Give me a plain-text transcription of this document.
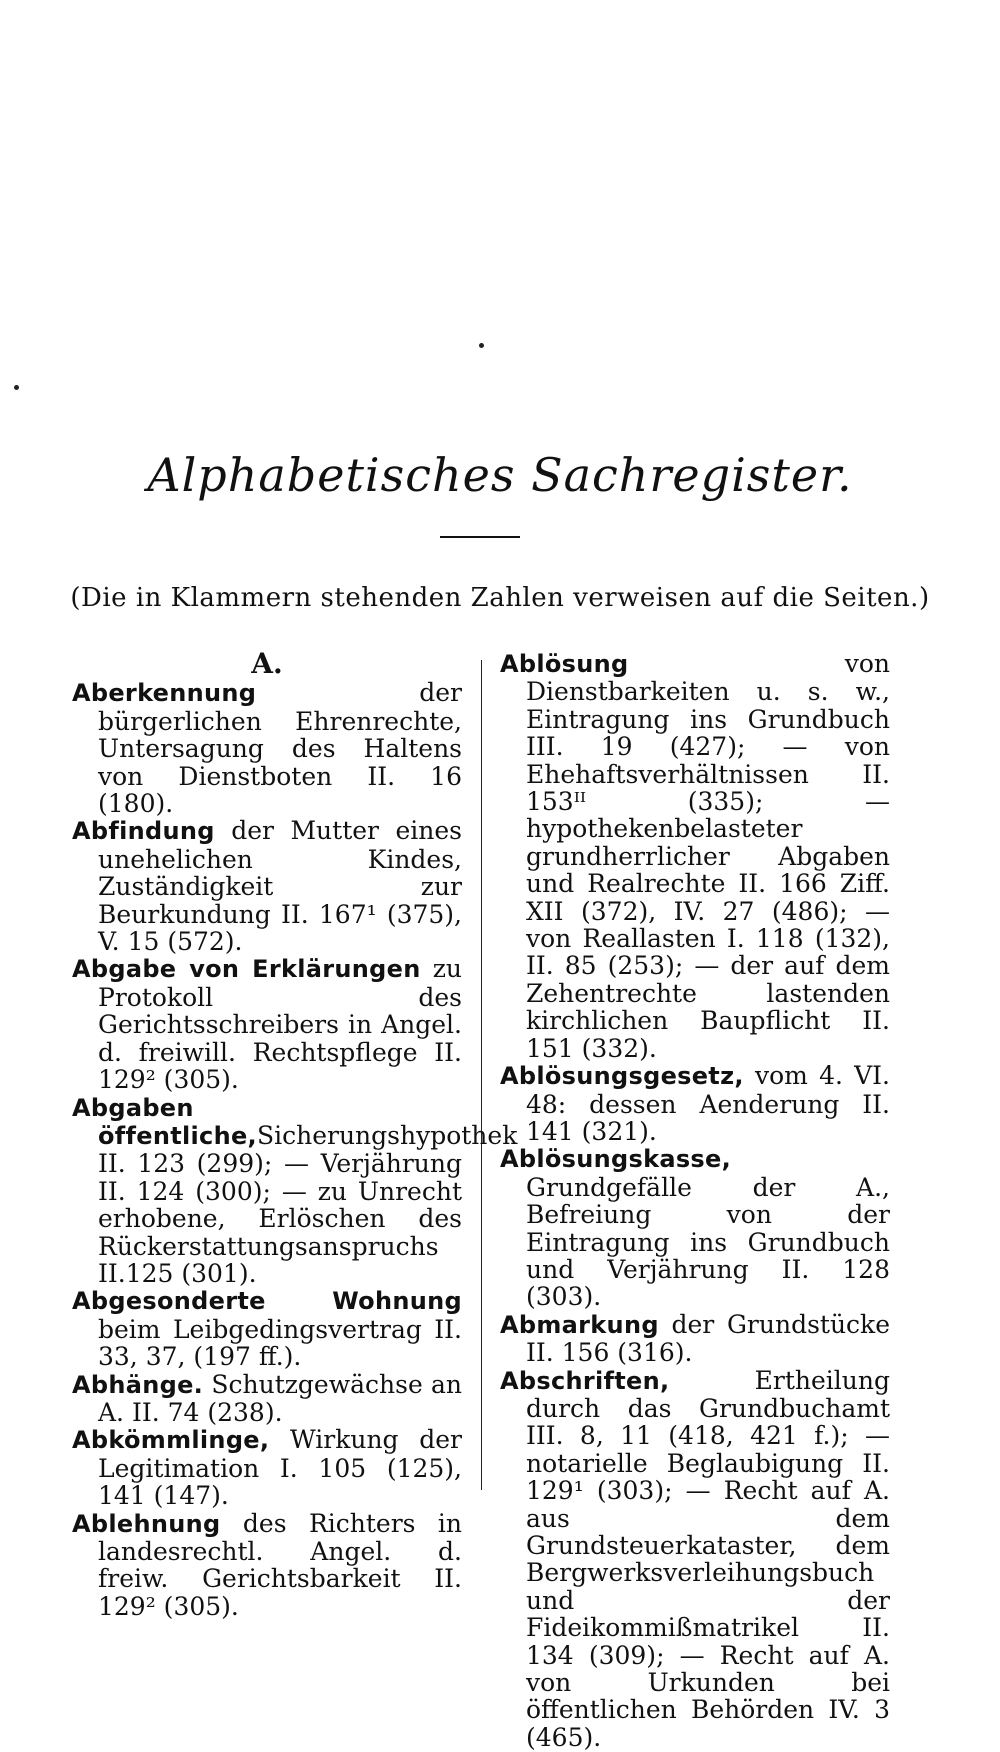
Alphabetisches Sachregister.
(Die in Klammern stehenden Zahlen verweisen auf die Seiten.)
A.
Aberkennung der bürgerlichen Ehrenrechte, Untersagung des Haltens von Dienstboten II. 16 (180).
Abfindung der Mutter eines unehelichen Kindes, Zuständigkeit zur Beurkundung II. 167¹ (375), V. 15 (572).
Abgabe von Erklärungen zu Protokoll des Gerichtsschreibers in Angel. d. freiwill. Rechtspflege II. 129² (305).
Abgaben öffentliche,Sicherungshypothek II. 123 (299); — Verjährung II. 124 (300); — zu Unrecht erhobene, Erlöschen des Rückerstattungsanspruchs II.125 (301).
Abgesonderte Wohnung beim Leibgedingsvertrag II. 33, 37, (197 ff.).
Abhänge. Schutzgewächse an A. II. 74 (238).
Abkömmlinge, Wirkung der Legitimation I. 105 (125), 141 (147).
Ablehnung des Richters in landesrechtl. Angel. d. freiw. Gerichtsbarkeit II. 129² (305).
Ablösung von Dienstbarkeiten u. s. w., Eintragung ins Grundbuch III. 19 (427); — von Ehehaftsverhältnissen II. 153ᴵᴵ (335); — hypothekenbelasteter grundherrlicher Abgaben und Realrechte II. 166 Ziff. XII (372), IV. 27 (486); — von Reallasten I. 118 (132), II. 85 (253); — der auf dem Zehentrechte lastenden kirchlichen Baupflicht II. 151 (332).
Ablösungsgesetz, vom 4. VI. 48: dessen Aenderung II. 141 (321).
Ablösungskasse, Grundgefälle der A., Befreiung von der Eintragung ins Grundbuch und Verjährung II. 128 (303).
Abmarkung der Grundstücke II. 156 (316).
Abschriften, Ertheilung durch das Grundbuchamt III. 8, 11 (418, 421 f.); — notarielle Beglaubigung II. 129¹ (303); — Recht auf A. aus dem Grundsteuerkataster, dem Bergwerksverleihungsbuch und der Fideikommißmatrikel II. 134 (309); — Recht auf A. von Urkunden bei öffentlichen Behörden IV. 3 (465).
